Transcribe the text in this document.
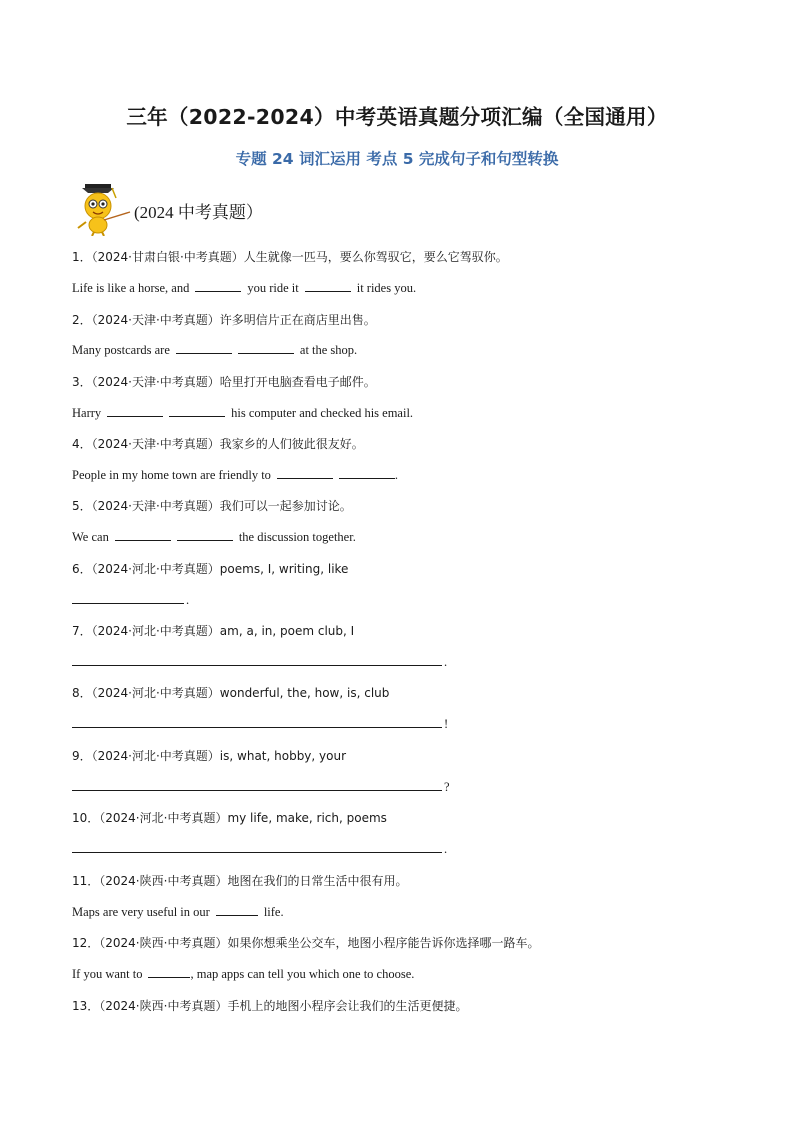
三年（2022-2024）中考英语真题分项汇编（全国通用）
专题 24 词汇运用 考点 5 完成句子和句型转换
(2024 中考真题）
1．（2024·甘肃白银·中考真题）人生就像一匹马，要么你驾驭它，要么它驾驭你。
Life is like a horse, and	you ride it	it rides you.
2．（2024·天津·中考真题）许多明信片正在商店里出售。
Many postcards are	at the shop.
3．（2024·天津·中考真题）哈里打开电脑查看电子邮件。
Harry	his computer and checked his email.
4．（2024·天津·中考真题）我家乡的人们彼此很友好。
People in my home town are friendly to	.
5．（2024·天津·中考真题）我们可以一起参加讨论。
We can	the discussion together.
6．（2024·河北·中考真题）poems, I, writing, like
.
7．（2024·河北·中考真题）am, a, in, poem club, I
.
8．（2024·河北·中考真题）wonderful, the, how, is, club
!
9．（2024·河北·中考真题）is, what, hobby, your
?
10．（2024·河北·中考真题）my life, make, rich, poems
.
11．（2024·陕西·中考真题）地图在我们的日常生活中很有用。
Maps are very useful in our	life.
12．（2024·陕西·中考真题）如果你想乘坐公交车，地图小程序能告诉你选择哪一路车。
If you want to	, map apps can tell you which one to choose.
13．（2024·陕西·中考真题）手机上的地图小程序会让我们的生活更便捷。
